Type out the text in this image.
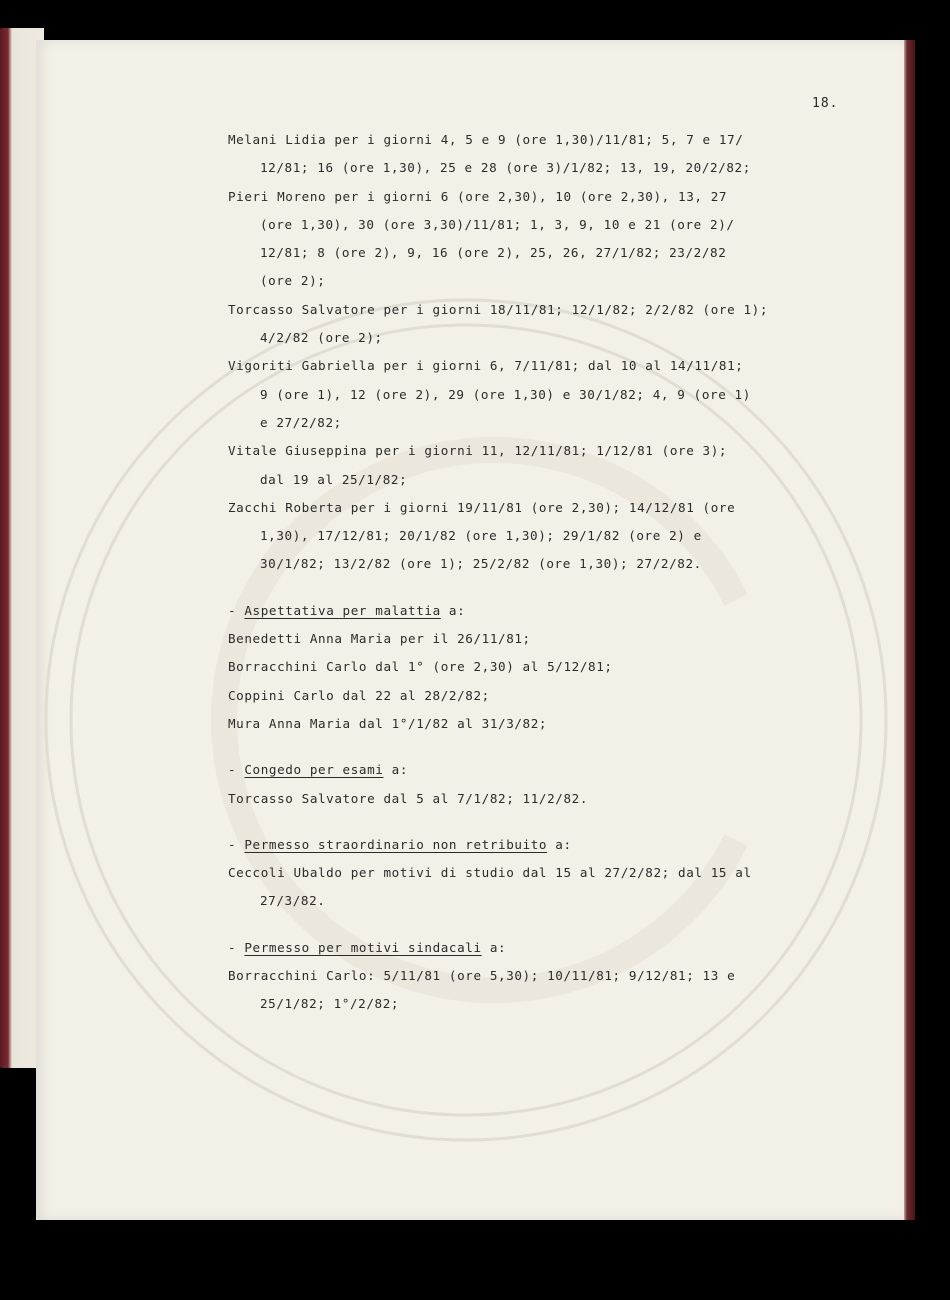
18.
Melani Lidia per i giorni 4, 5 e 9 (ore 1,30)/11/81; 5, 7 e 17/
12/81; 16 (ore 1,30), 25 e 28 (ore 3)/1/82; 13, 19, 20/2/82;
Pieri Moreno per i giorni 6 (ore 2,30), 10 (ore 2,30), 13, 27
(ore 1,30), 30 (ore 3,30)/11/81; 1, 3, 9, 10 e 21 (ore 2)/
12/81; 8 (ore 2), 9, 16 (ore 2), 25, 26, 27/1/82; 23/2/82
(ore 2);
Torcasso Salvatore per i giorni 18/11/81; 12/1/82; 2/2/82 (ore 1);
4/2/82 (ore 2);
Vigoriti Gabriella per i giorni 6, 7/11/81; dal 10 al 14/11/81;
9 (ore 1), 12 (ore 2), 29 (ore 1,30) e 30/1/82; 4, 9 (ore 1)
e 27/2/82;
Vitale Giuseppina per i giorni 11, 12/11/81; 1/12/81 (ore 3);
dal 19 al 25/1/82;
Zacchi Roberta per i giorni 19/11/81 (ore 2,30); 14/12/81 (ore
1,30), 17/12/81; 20/1/82 (ore 1,30); 29/1/82 (ore 2) e
30/1/82; 13/2/82 (ore 1); 25/2/82 (ore 1,30); 27/2/82.
- Aspettativa per malattia a:
Benedetti Anna Maria per il 26/11/81;
Borracchini Carlo dal 1° (ore 2,30) al 5/12/81;
Coppini Carlo dal 22 al 28/2/82;
Mura Anna Maria dal 1°/1/82 al 31/3/82;
- Congedo per esami a:
Torcasso Salvatore dal 5 al 7/1/82; 11/2/82.
- Permesso straordinario non retribuito a:
Ceccoli Ubaldo per motivi di studio dal 15 al 27/2/82; dal 15 al
27/3/82.
- Permesso per motivi sindacali a:
Borracchini Carlo: 5/11/81 (ore 5,30); 10/11/81; 9/12/81; 13 e
25/1/82; 1°/2/82;
